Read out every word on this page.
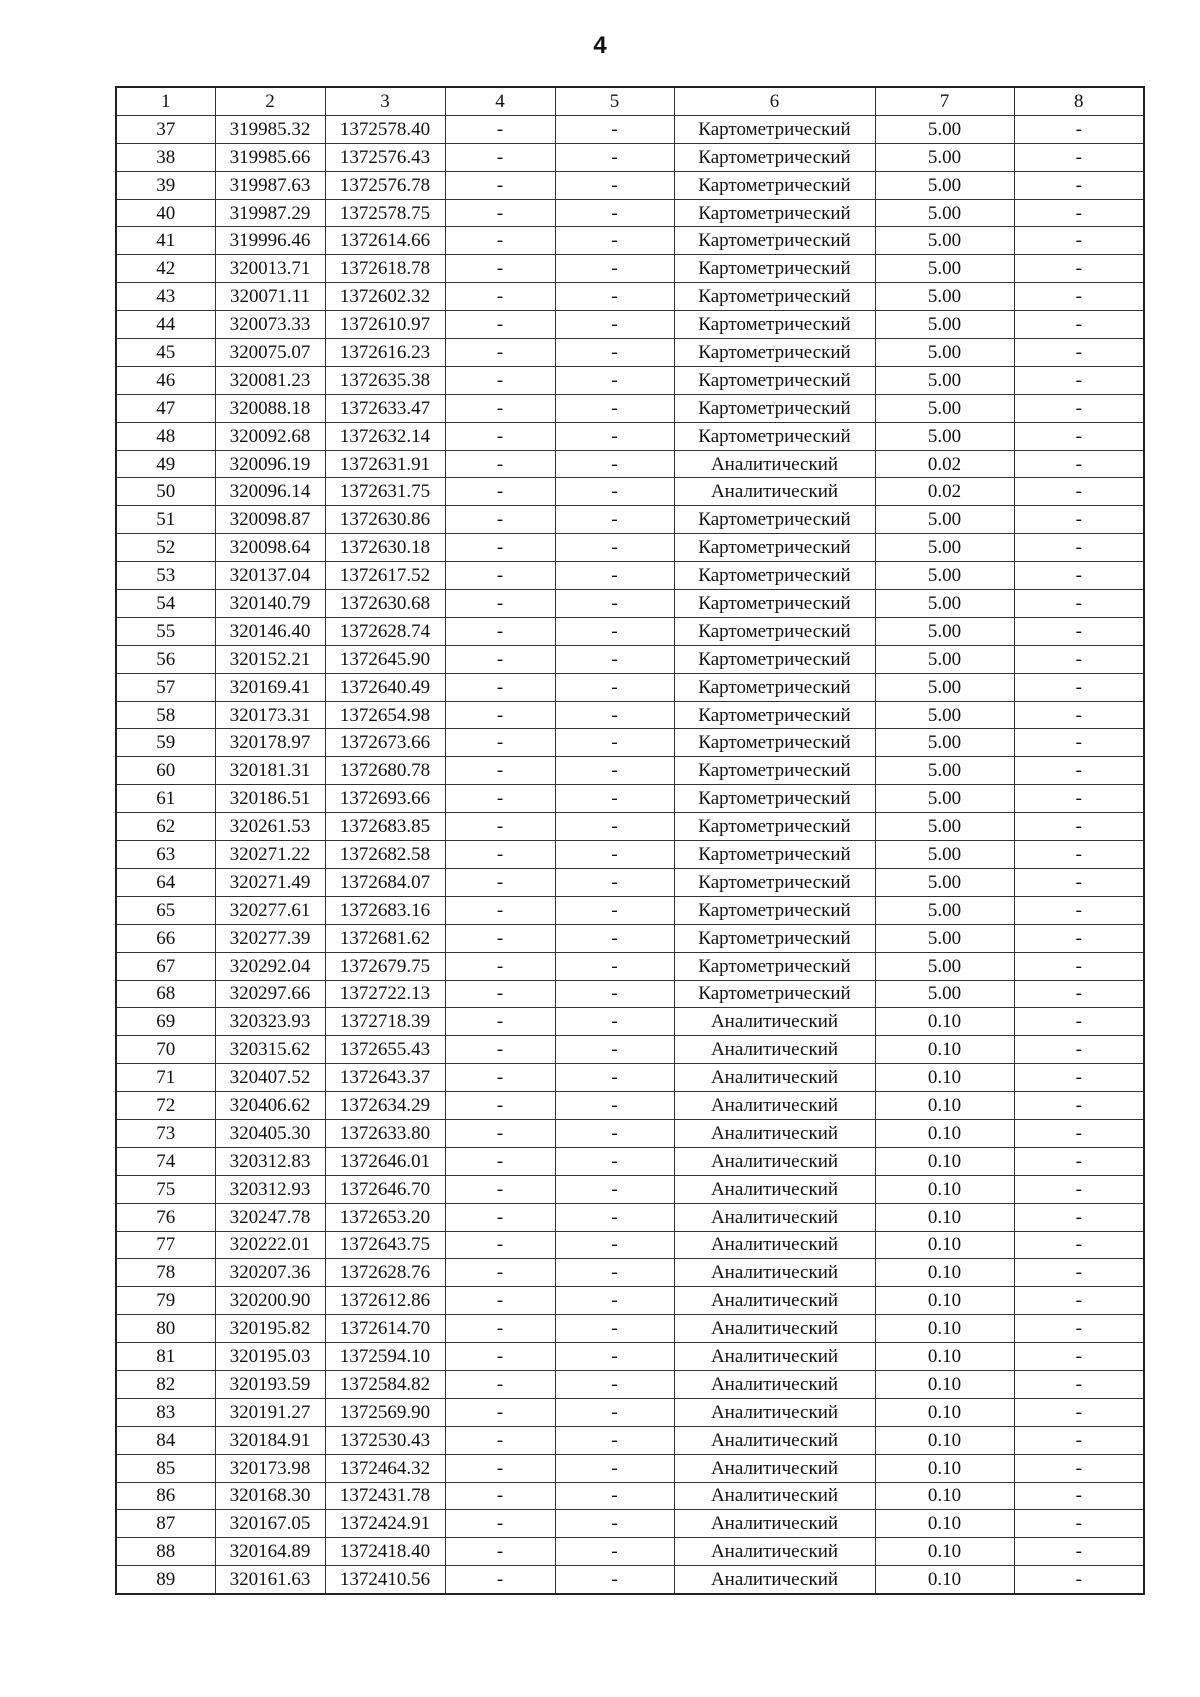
4
1	2	3	4	5	6	7	8
37	319985.32	1372578.40	-	-	Картометрический	5.00	-
38	319985.66	1372576.43	-	-	Картометрический	5.00	-
39	319987.63	1372576.78	-	-	Картометрический	5.00	-
40	319987.29	1372578.75	-	-	Картометрический	5.00	-
41	319996.46	1372614.66	-	-	Картометрический	5.00	-
42	320013.71	1372618.78	-	-	Картометрический	5.00	-
43	320071.11	1372602.32	-	-	Картометрический	5.00	-
44	320073.33	1372610.97	-	-	Картометрический	5.00	-
45	320075.07	1372616.23	-	-	Картометрический	5.00	-
46	320081.23	1372635.38	-	-	Картометрический	5.00	-
47	320088.18	1372633.47	-	-	Картометрический	5.00	-
48	320092.68	1372632.14	-	-	Картометрический	5.00	-
49	320096.19	1372631.91	-	-	Аналитический	0.02	-
50	320096.14	1372631.75	-	-	Аналитический	0.02	-
51	320098.87	1372630.86	-	-	Картометрический	5.00	-
52	320098.64	1372630.18	-	-	Картометрический	5.00	-
53	320137.04	1372617.52	-	-	Картометрический	5.00	-
54	320140.79	1372630.68	-	-	Картометрический	5.00	-
55	320146.40	1372628.74	-	-	Картометрический	5.00	-
56	320152.21	1372645.90	-	-	Картометрический	5.00	-
57	320169.41	1372640.49	-	-	Картометрический	5.00	-
58	320173.31	1372654.98	-	-	Картометрический	5.00	-
59	320178.97	1372673.66	-	-	Картометрический	5.00	-
60	320181.31	1372680.78	-	-	Картометрический	5.00	-
61	320186.51	1372693.66	-	-	Картометрический	5.00	-
62	320261.53	1372683.85	-	-	Картометрический	5.00	-
63	320271.22	1372682.58	-	-	Картометрический	5.00	-
64	320271.49	1372684.07	-	-	Картометрический	5.00	-
65	320277.61	1372683.16	-	-	Картометрический	5.00	-
66	320277.39	1372681.62	-	-	Картометрический	5.00	-
67	320292.04	1372679.75	-	-	Картометрический	5.00	-
68	320297.66	1372722.13	-	-	Картометрический	5.00	-
69	320323.93	1372718.39	-	-	Аналитический	0.10	-
70	320315.62	1372655.43	-	-	Аналитический	0.10	-
71	320407.52	1372643.37	-	-	Аналитический	0.10	-
72	320406.62	1372634.29	-	-	Аналитический	0.10	-
73	320405.30	1372633.80	-	-	Аналитический	0.10	-
74	320312.83	1372646.01	-	-	Аналитический	0.10	-
75	320312.93	1372646.70	-	-	Аналитический	0.10	-
76	320247.78	1372653.20	-	-	Аналитический	0.10	-
77	320222.01	1372643.75	-	-	Аналитический	0.10	-
78	320207.36	1372628.76	-	-	Аналитический	0.10	-
79	320200.90	1372612.86	-	-	Аналитический	0.10	-
80	320195.82	1372614.70	-	-	Аналитический	0.10	-
81	320195.03	1372594.10	-	-	Аналитический	0.10	-
82	320193.59	1372584.82	-	-	Аналитический	0.10	-
83	320191.27	1372569.90	-	-	Аналитический	0.10	-
84	320184.91	1372530.43	-	-	Аналитический	0.10	-
85	320173.98	1372464.32	-	-	Аналитический	0.10	-
86	320168.30	1372431.78	-	-	Аналитический	0.10	-
87	320167.05	1372424.91	-	-	Аналитический	0.10	-
88	320164.89	1372418.40	-	-	Аналитический	0.10	-
89	320161.63	1372410.56	-	-	Аналитический	0.10	-
